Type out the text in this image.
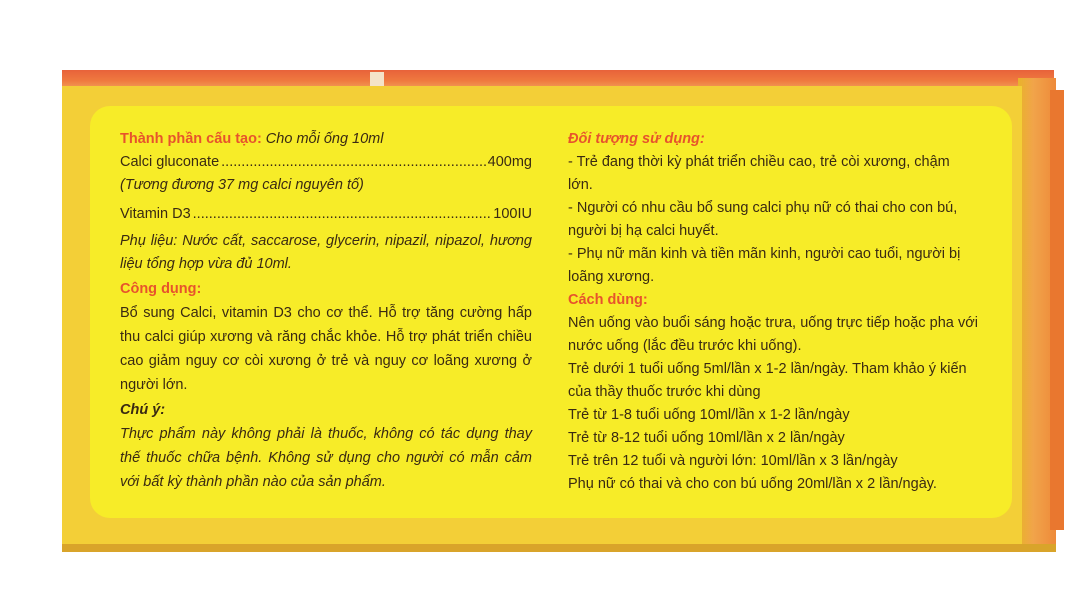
Thành phần cấu tạo: Cho mỗi ống 10ml
Calci gluconate .....	400mg
(Tương đương 37 mg calci nguyên tố)
Vitamin D3 .....	100IU
Phụ liệu: Nước cất, saccarose, glycerin, nipazil, nipazol, hương liệu tổng hợp vừa đủ 10ml.
Công dụng:
Bổ sung Calci, vitamin D3 cho cơ thể. Hỗ trợ tăng cường hấp thu calci giúp xương và răng chắc khỏe. Hỗ trợ phát triển chiều cao giảm nguy cơ còi xương ở trẻ và nguy cơ loãng xương ở người lớn.
Chú ý:
Thực phẩm này không phải là thuốc, không có tác dụng thay thế thuốc chữa bệnh. Không sử dụng cho người có mẫn cảm với bất kỳ thành phần nào của sản phẩm.
Đối tượng sử dụng:
- Trẻ đang thời kỳ phát triển chiều cao, trẻ còi xương, chậm lớn.
- Người có nhu cầu bổ sung calci phụ nữ có thai cho con bú, người bị hạ calci huyết.
- Phụ nữ mãn kinh và tiền mãn kinh, người cao tuổi, người bị loãng xương.
Cách dùng:
Nên uống vào buổi sáng hoặc trưa, uống trực tiếp hoặc pha với nước uống (lắc đều trước khi uống).
Trẻ dưới 1 tuổi uống 5ml/lần x 1-2 lần/ngày. Tham khảo ý kiến của thầy thuốc trước khi dùng
Trẻ từ 1-8 tuổi uống 10ml/lần x 1-2 lần/ngày
Trẻ từ 8-12 tuổi uống 10ml/lần x 2 lần/ngày
Trẻ trên 12 tuổi và người lớn: 10ml/lần x 3 lần/ngày
Phụ nữ có thai và cho con bú uống 20ml/lần x 2 lần/ngày.
